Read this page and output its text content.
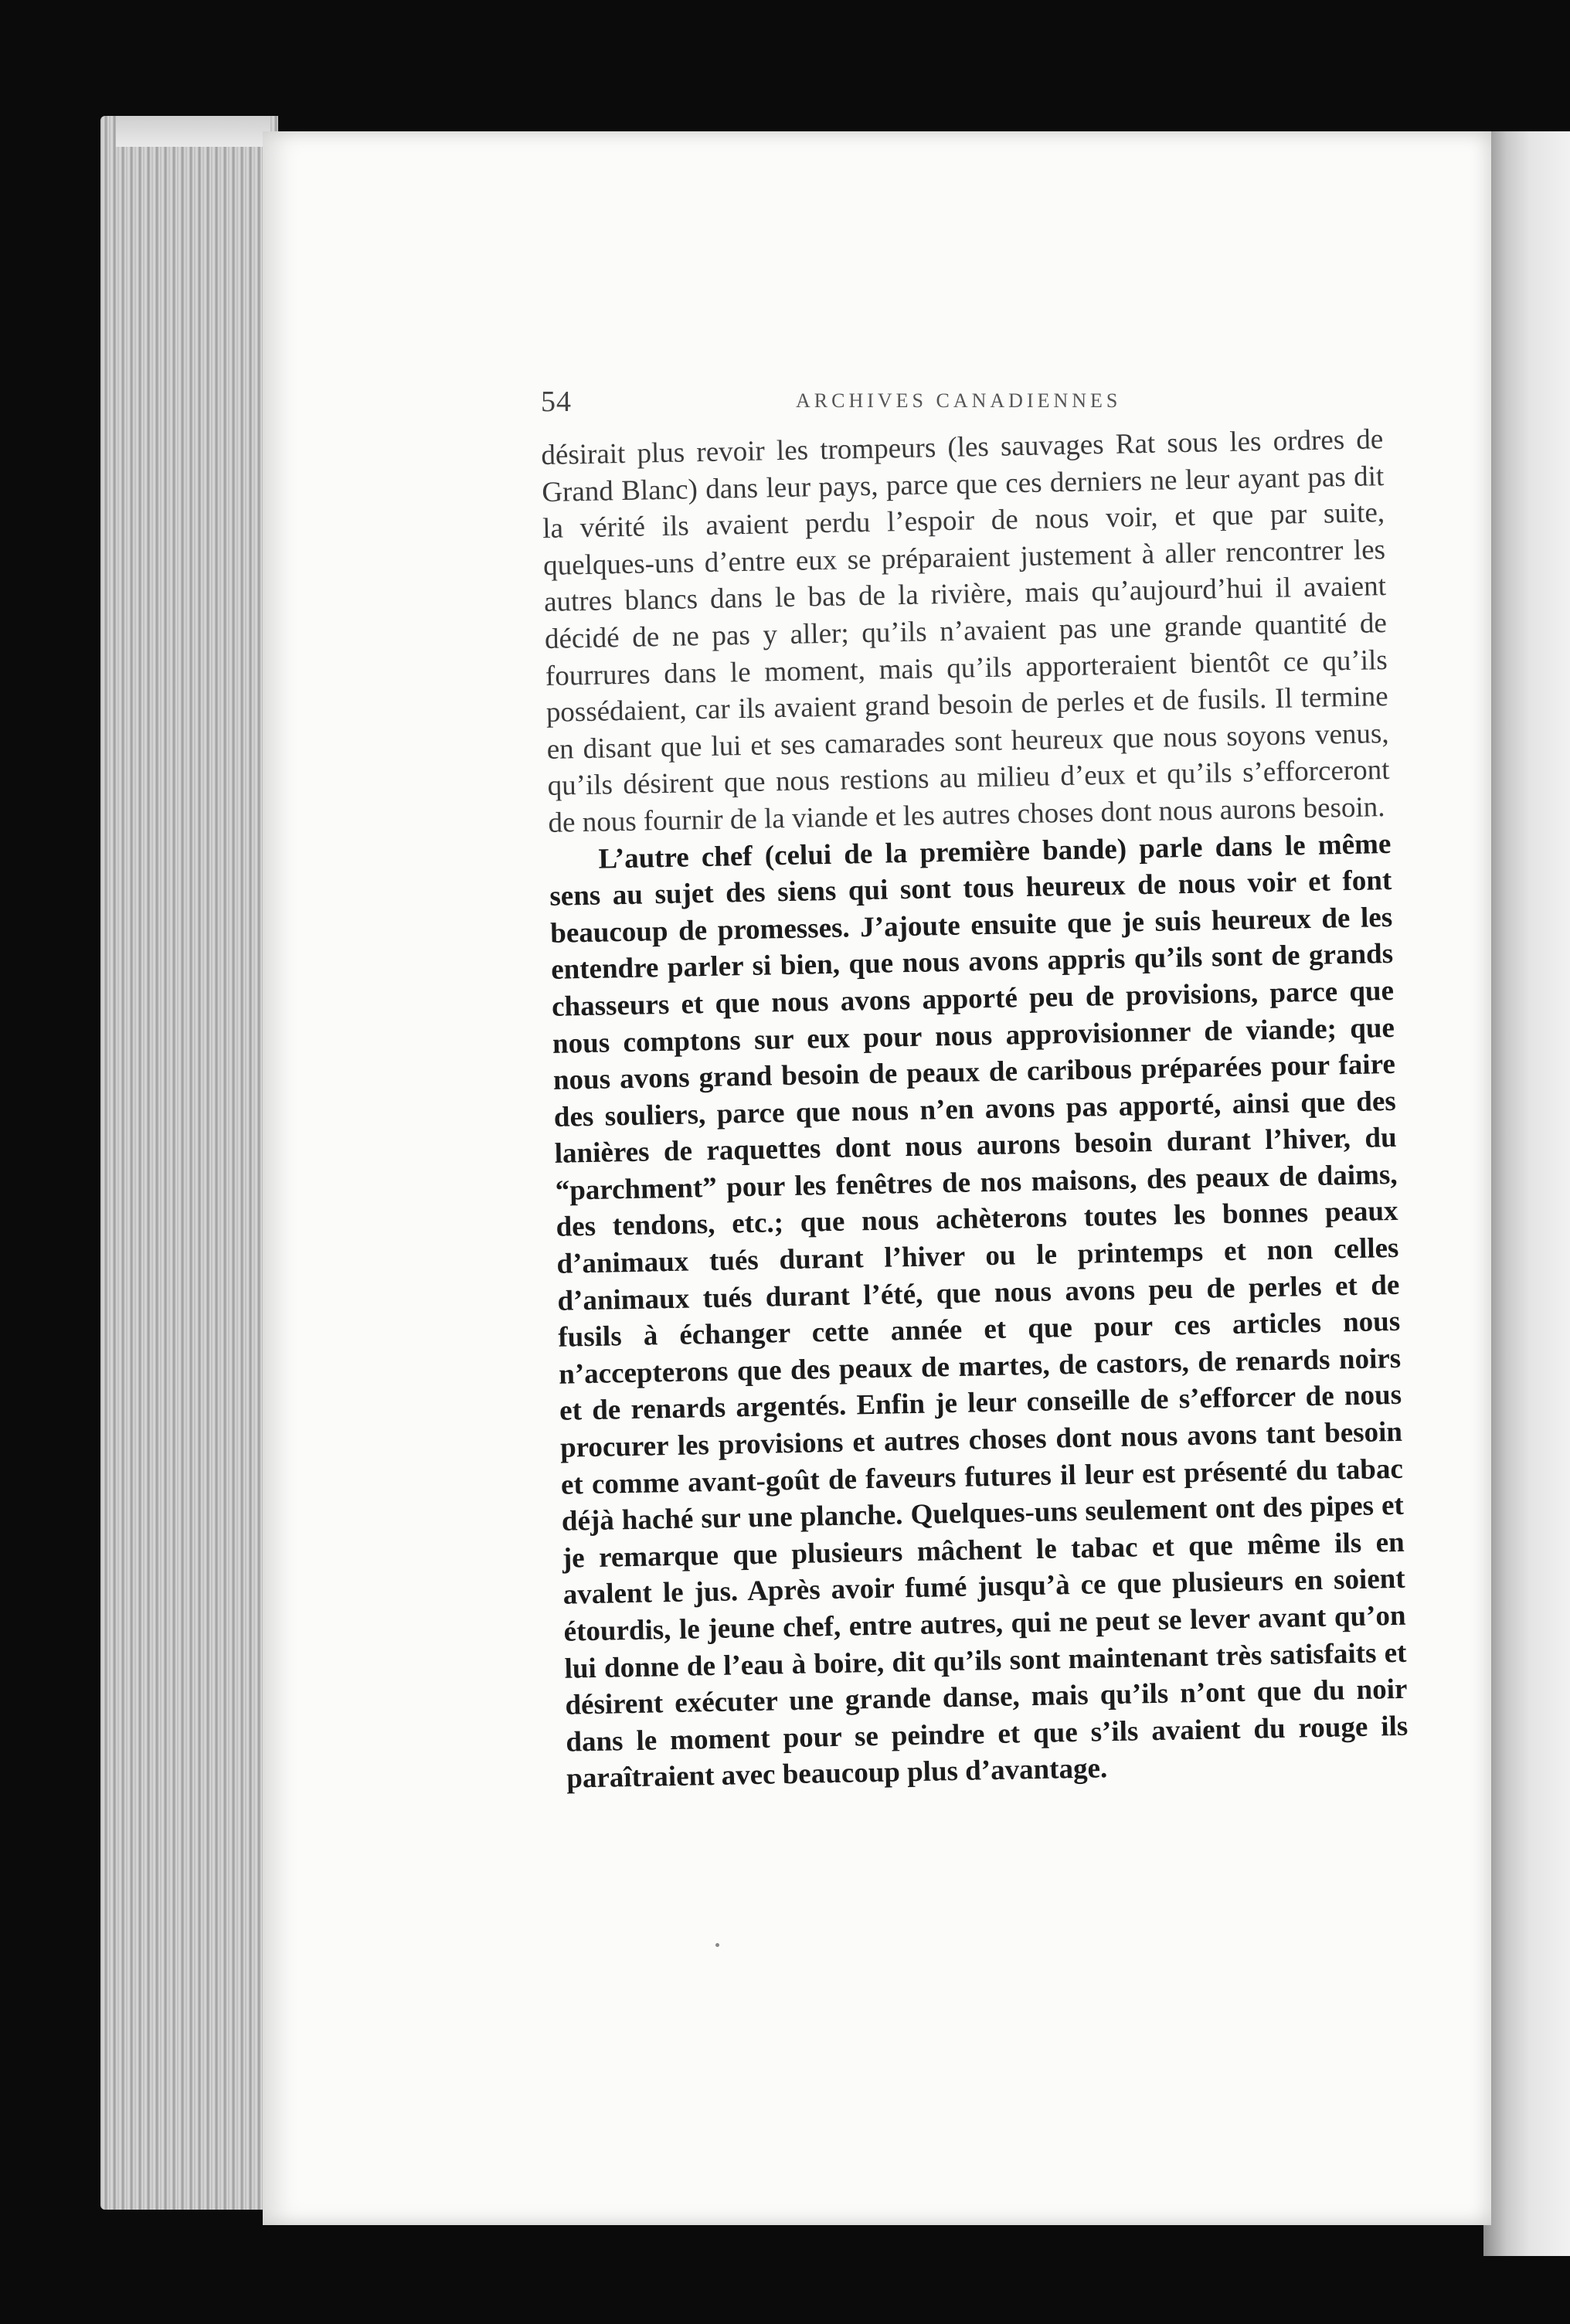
54	ARCHIVES CANADIENNES

désirait plus revoir les trompeurs (les sauvages Rat sous les ordres de Grand Blanc) dans leur pays, parce que ces derniers ne leur ayant pas dit la vérité ils avaient perdu l’espoir de nous voir, et que par suite, quelques-uns d’entre eux se préparaient justement à aller rencontrer les autres blancs dans le bas de la rivière, mais qu’aujourd’hui il avaient décidé de ne pas y aller; qu’ils n’avaient pas une grande quantité de fourrures dans le moment, mais qu’ils apporteraient bientôt ce qu’ils possédaient, car ils avaient grand besoin de perles et de fusils. Il termine en disant que lui et ses camarades sont heureux que nous soyons venus, qu’ils désirent que nous restions au milieu d’eux et qu’ils s’efforceront de nous fournir de la viande et les autres choses dont nous aurons besoin.

L’autre chef (celui de la première bande) parle dans le même sens au sujet des siens qui sont tous heureux de nous voir et font beaucoup de promesses. J’ajoute ensuite que je suis heureux de les entendre parler si bien, que nous avons appris qu’ils sont de grands chasseurs et que nous avons apporté peu de provisions, parce que nous comptons sur eux pour nous approvisionner de viande; que nous avons grand besoin de peaux de caribous préparées pour faire des souliers, parce que nous n’en avons pas apporté, ainsi que des lanières de raquettes dont nous aurons besoin durant l’hiver, du “parchment” pour les fenêtres de nos maisons, des peaux de daims, des tendons, etc.; que nous achèterons toutes les bonnes peaux d’animaux tués durant l’hiver ou le printemps et non celles d’animaux tués durant l’été, que nous avons peu de perles et de fusils à échanger cette année et que pour ces articles nous n’accepterons que des peaux de martes, de castors, de renards noirs et de renards argentés. Enfin je leur conseille de s’efforcer de nous procurer les provisions et autres choses dont nous avons tant besoin et comme avant-goût de faveurs futures il leur est présenté du tabac déjà haché sur une planche. Quelques-uns seulement ont des pipes et je remarque que plusieurs mâchent le tabac et que même ils en avalent le jus. Après avoir fumé jusqu’à ce que plusieurs en soient étourdis, le jeune chef, entre autres, qui ne peut se lever avant qu’on lui donne de l’eau à boire, dit qu’ils sont maintenant très satisfaits et désirent exécuter une grande danse, mais qu’ils n’ont que du noir dans le moment pour se peindre et que s’ils avaient du rouge ils paraîtraient avec beaucoup plus d’avantage.
